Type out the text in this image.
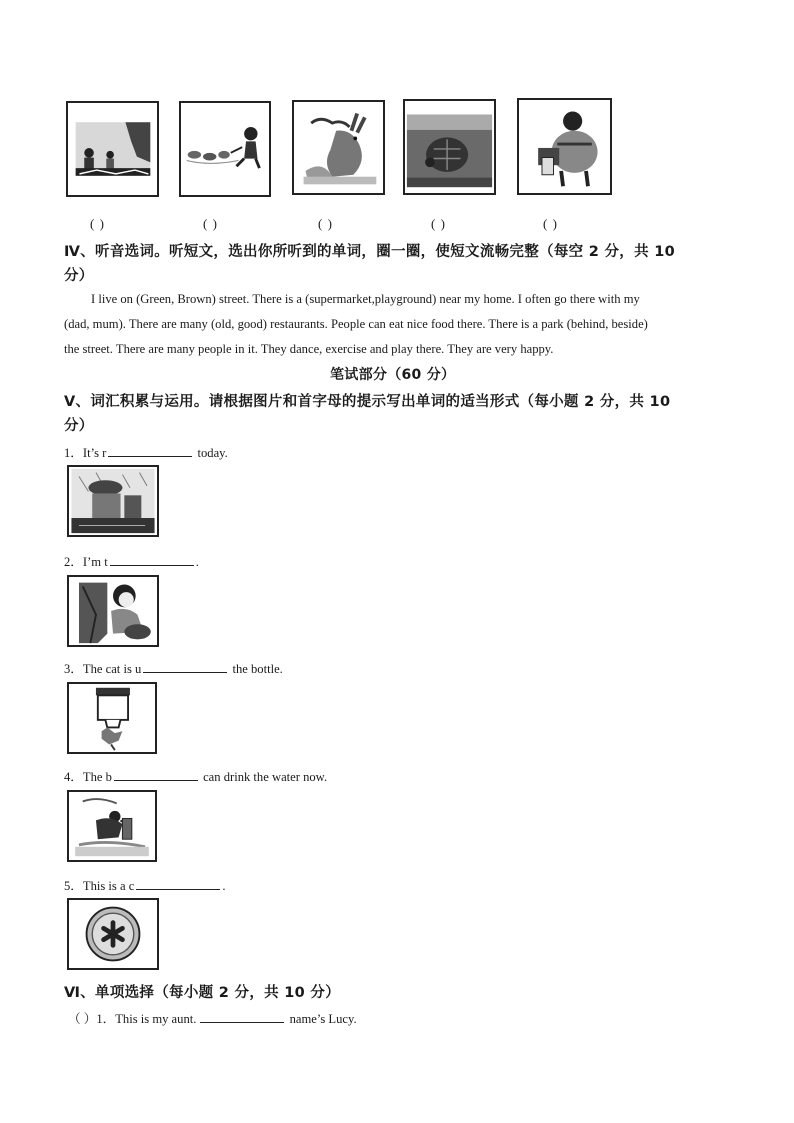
( )	( )	( )	( )	( )
Ⅳ、听音选词。听短文，选出你所听到的单词，圈一圈，使短文流畅完整（每空 2 分，共 10
分）
I live on (Green, Brown) street. There is a (supermarket,playground) near my home. I often go there with my
(dad, mum). There are many (old, good) restaurants. People can eat nice food there. There is a park (behind, beside)
the street. There are many people in it. They dance, exercise and play there. They are very happy.
笔试部分（60 分）
Ⅴ、词汇积累与运用。请根据图片和首字母的提示写出单词的适当形式（每小题 2 分，共 10
分）
1．It’s r	today.
2．I’m t	.
3．The cat is u	the bottle.
4．The b	can drink the water now.
5．This is a c	.
Ⅵ、单项选择（每小题 2 分，共 10 分）
（ ）1．This is my aunt.	name’s Lucy.
